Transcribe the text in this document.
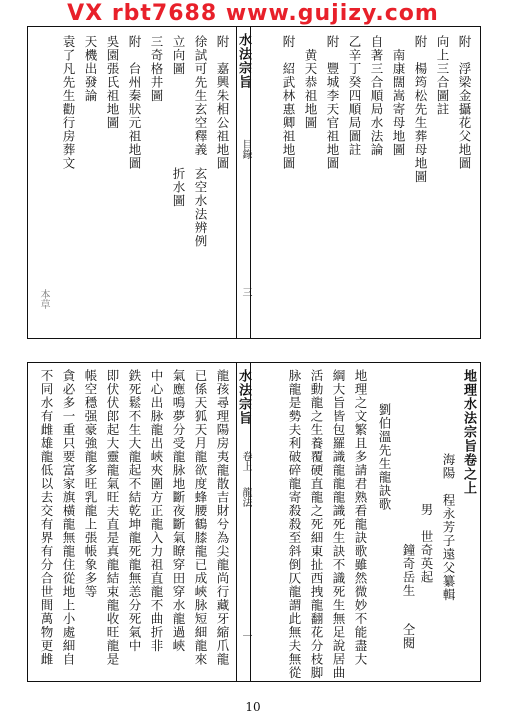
VX rbt7688 www.gujizy.com
附　浮梁金攝花父地圖
向上三合圖註
附　楊筠松先生葬母地圖
　南康闊嵩寄母地圖
自著三合順局水法論
乙辛丁癸四順局圖註
附　豐城李天官祖地圖
　黄天恭祖地圖
附　紹武林惠卿祖地圖
水法宗旨
目錄
三
附　嘉興朱相公祖地圖
徐試可先生玄空釋義
玄空水法辨例
立向圖
折水圖
三奇格井圖
附　台州秦狀元祖地圖
吳園張氏祖地圖
天機出發論
袁了凡先生勸行房葬文
本草
地理水法宗旨卷之上
海陽　程永芳子遠父纂輯
男　世奇英起
　　　鐘奇岳生
仝閱
劉伯溫先生龍訣歌
地理之文繁且多請君熟看龍訣歌雖然微妙不能盡大
綱大旨皆包羅識龍龍龍識死生訣不識死生無足說居曲
活動龍之生養覆硬直龍之死細東扯西拽龍翻花分枝脚
脉龍是勢夫利破碎龍寄殺殺至斜倒仄龍謂此無夫無從
水法宗旨
卷上
龍法
一
龍孩尋理陽房夷龍散吉財兮為尖龍尚行藏牙縮爪龍
已係天狐天月龍欲度蜂腰鶴膝龍已成峽脉短細龍來
氣應鳴夢分受龍脉地斷夜斷氣瞭穿田穿水龍過峽
中心出脉龍出峽夾圍方正龍入力祖直龍不曲折非
鉄死鬆不生大龍起不結乾坤龍死龍無恙分死氣中
即伏伏郎起大靈龍氣旺夫直是真龍結束龍收旺龍是
帳空穩强豪強龍多旺乳龍上張帳象多等
貪必多一重只要富家旗橫龍無龍住從地上小處細自
不同水有雌雄龍低以去交有界有分合世間萬物更雌
10
